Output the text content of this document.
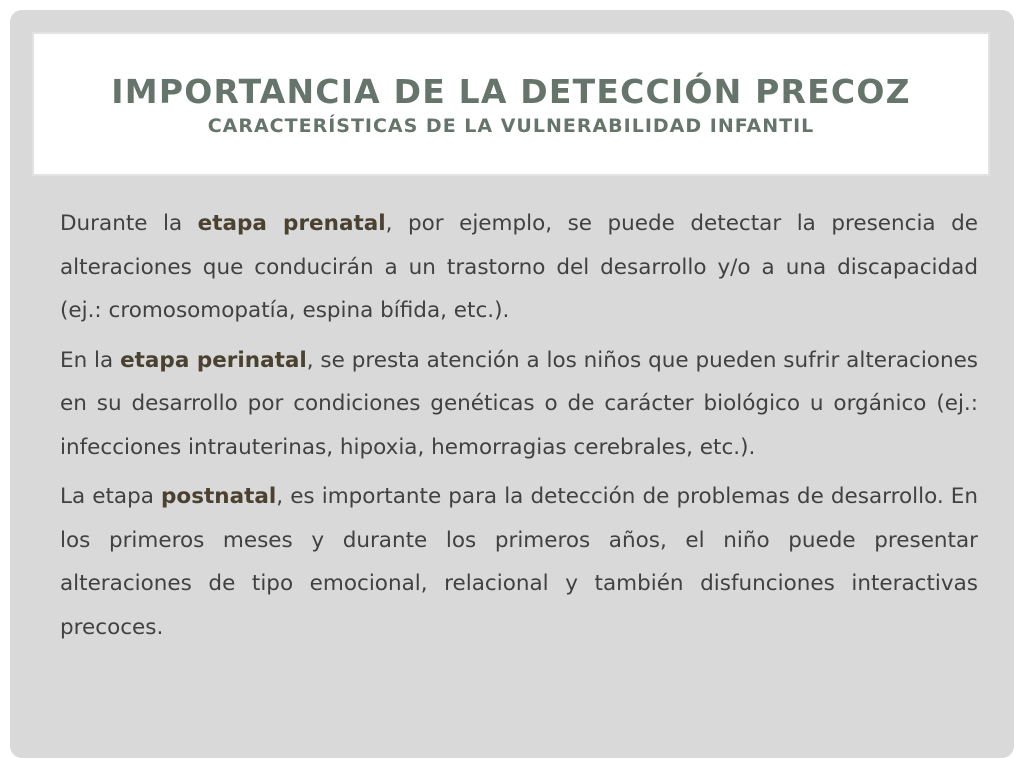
IMPORTANCIA DE LA DETECCIÓN PRECOZ
CARACTERÍSTICAS DE LA VULNERABILIDAD INFANTIL

Durante la etapa prenatal, por ejemplo, se puede detectar la presencia de alteraciones que conducirán a un trastorno del desarrollo y/o a una discapacidad (ej.: cromosomopatía, espina bífida, etc.).

En la etapa perinatal, se presta atención a los niños que pueden sufrir alteraciones en su desarrollo por condiciones genéticas o de carácter biológico u orgánico (ej.: infecciones intrauterinas, hipoxia, hemorragias cerebrales, etc.).

La etapa postnatal, es importante para la detección de problemas de desarrollo. En los primeros meses y durante los primeros años, el niño puede presentar alteraciones de tipo emocional, relacional y también disfunciones interactivas precoces.
